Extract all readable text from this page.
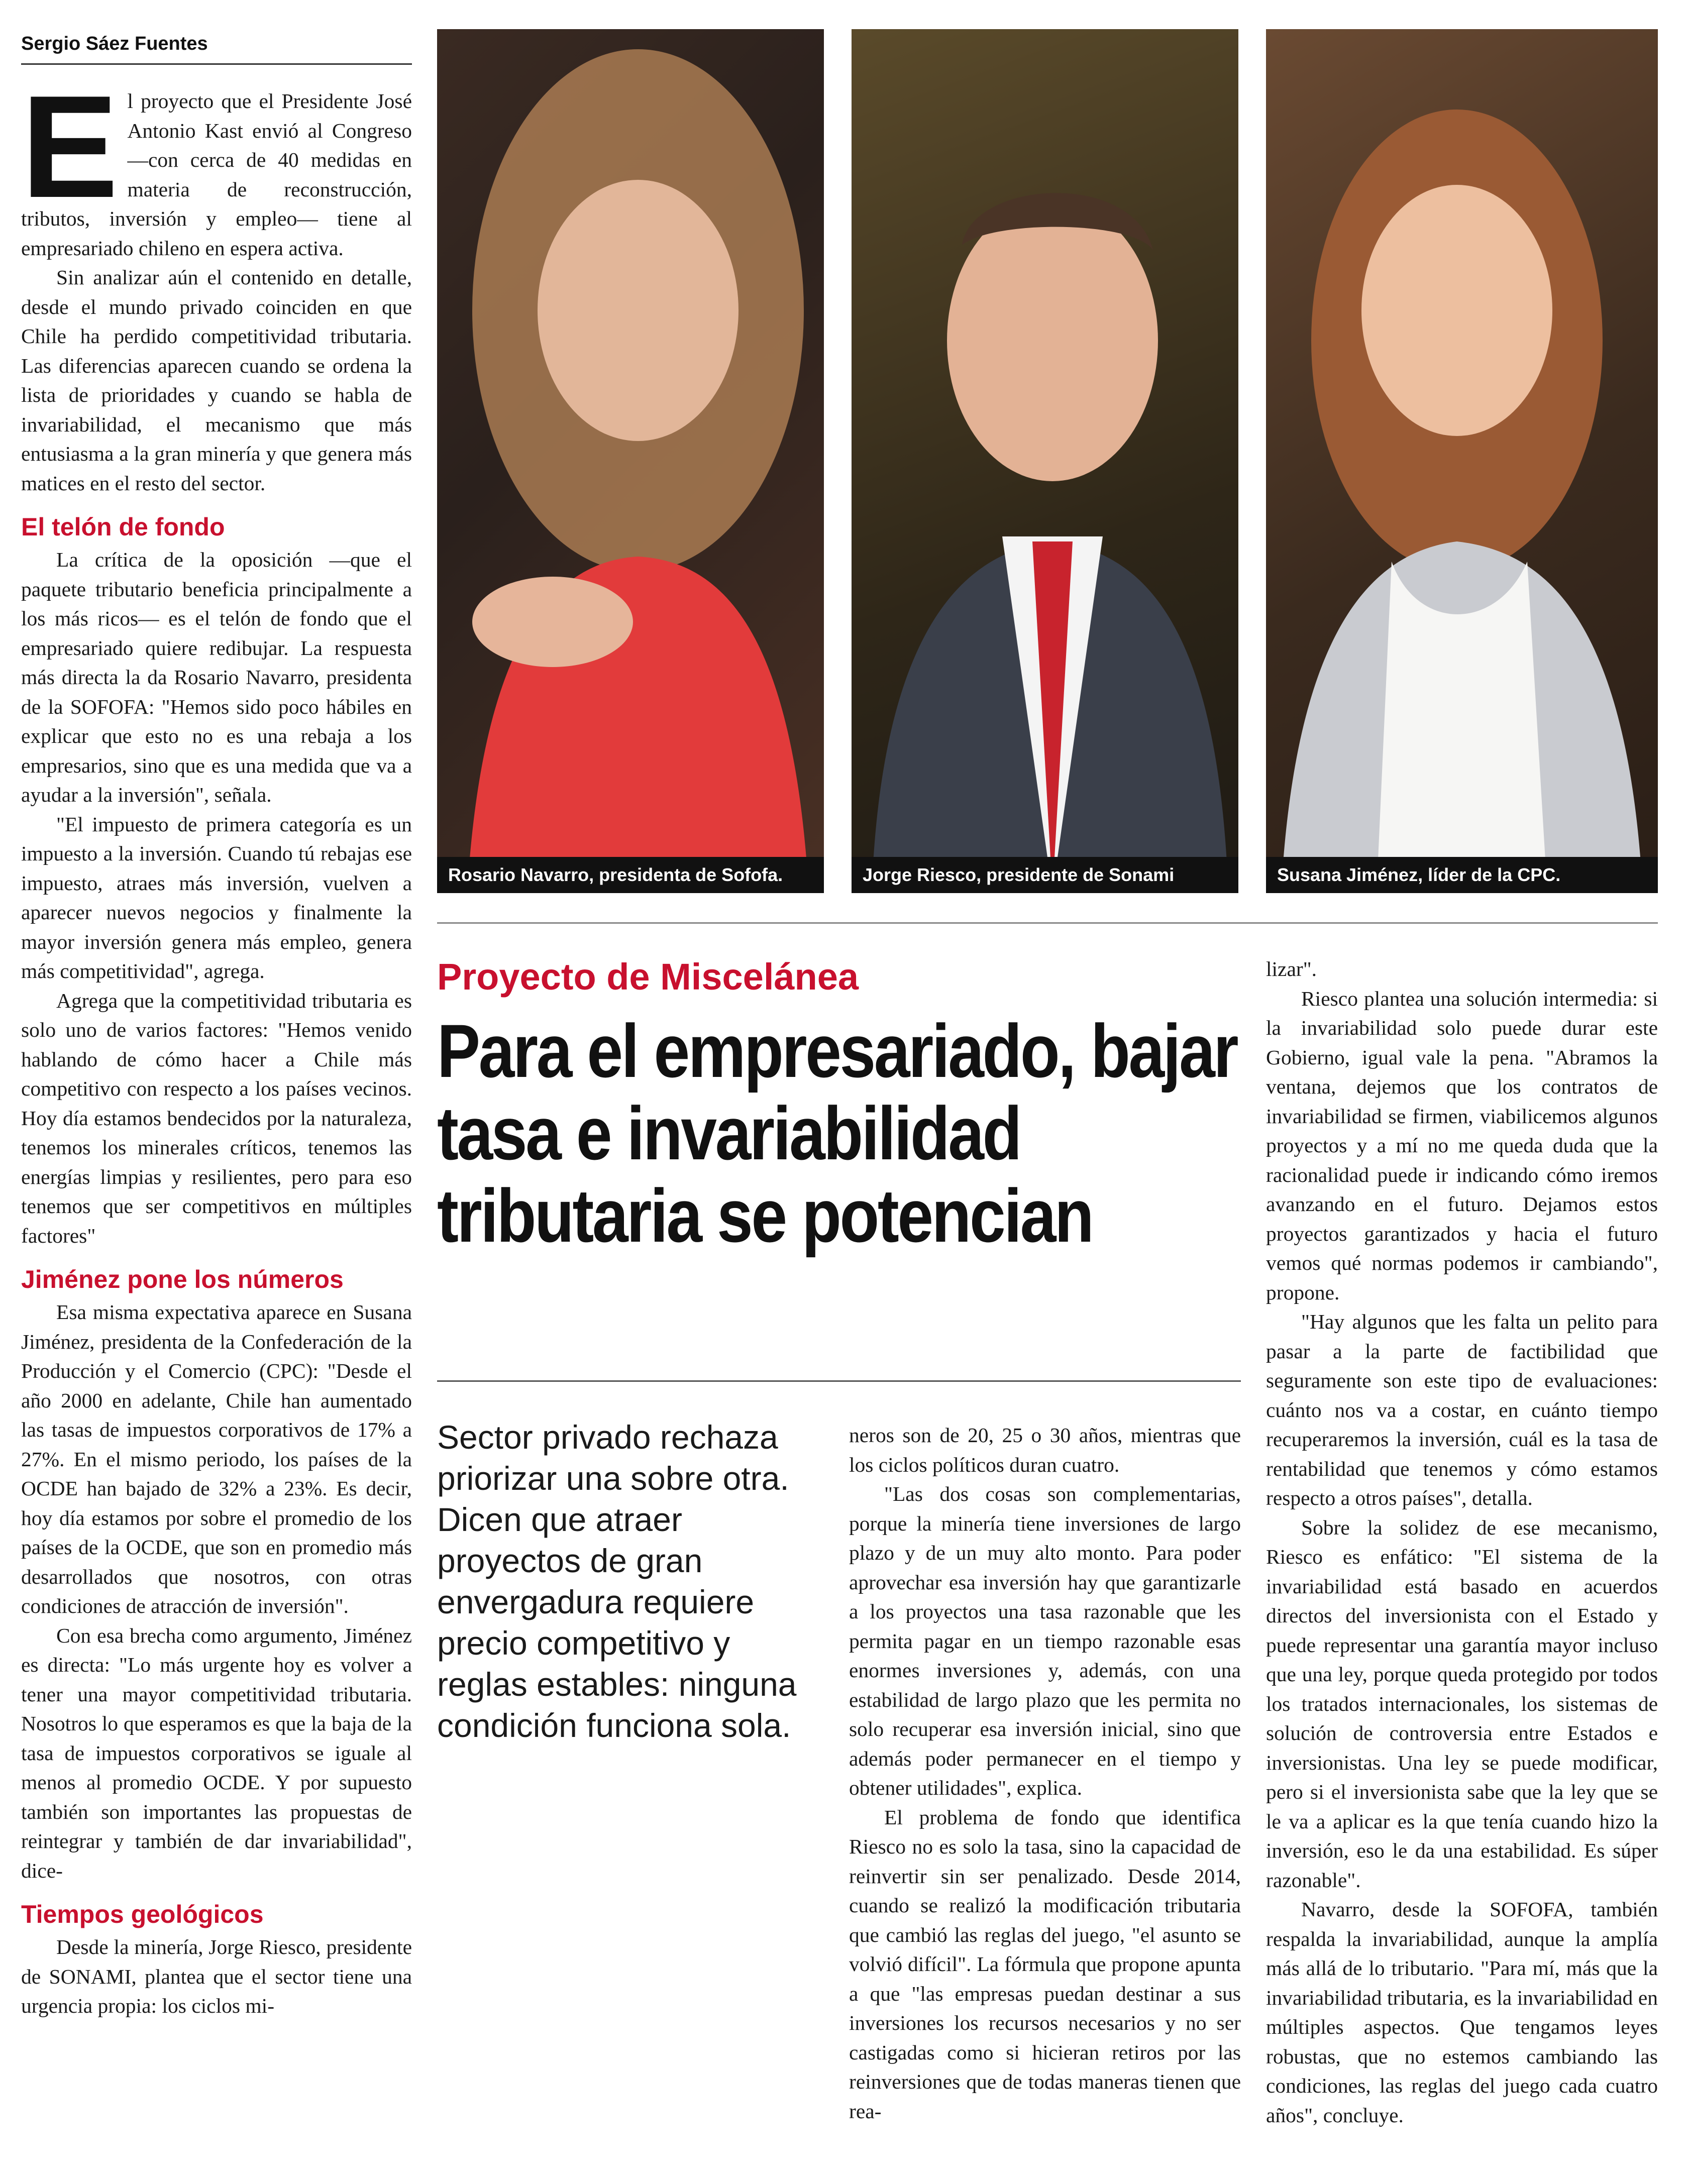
Sergio Sáez Fuentes
E l proyecto que el Presidente José Antonio Kast envió al Congreso —con cerca de 40 medidas en materia de reconstrucción, tributos, inversión y empleo— tiene al empresariado chileno en espera activa.

Sin analizar aún el contenido en detalle, desde el mundo privado coinciden en que Chile ha perdido competitividad tributaria. Las diferencias aparecen cuando se ordena la lista de prioridades y cuando se habla de invariabilidad, el mecanismo que más entusiasma a la gran minería y que genera más matices en el resto del sector.

El telón de fondo

La crítica de la oposición —que el paquete tributario beneficia principalmente a los más ricos— es el telón de fondo que el empresariado quiere redibujar. La respuesta más directa la da Rosario Navarro, presidenta de la SOFOFA: "Hemos sido poco hábiles en explicar que esto no es una rebaja a los empresarios, sino que es una medida que va a ayudar a la inversión", señala.

"El impuesto de primera categoría es un impuesto a la inversión. Cuando tú rebajas ese impuesto, atraes más inversión, vuelven a aparecer nuevos negocios y finalmente la mayor inversión genera más empleo, genera más competitividad", agrega.

Agrega que la competitividad tributaria es solo uno de varios factores: "Hemos venido hablando de cómo hacer a Chile más competitivo con respecto a los países vecinos. Hoy día estamos bendecidos por la naturaleza, tenemos los minerales críticos, tenemos las energías limpias y resilientes, pero para eso tenemos que ser competitivos en múltiples factores"

Jiménez pone los números

Esa misma expectativa aparece en Susana Jiménez, presidenta de la Confederación de la Producción y el Comercio (CPC): "Desde el año 2000 en adelante, Chile han aumentado las tasas de impuestos corporativos de 17% a 27%. En el mismo periodo, los países de la OCDE han bajado de 32% a 23%. Es decir, hoy día estamos por sobre el promedio de los países de la OCDE, que son en promedio más desarrollados que nosotros, con otras condiciones de atracción de inversión".

Con esa brecha como argumento, Jiménez es directa: "Lo más urgente hoy es volver a tener una mayor competitividad tributaria. Nosotros lo que esperamos es que la baja de la tasa de impuestos corporativos se iguale al menos al promedio OCDE. Y por supuesto también son importantes las propuestas de reintegrar y también de dar invariabilidad", dice-

Tiempos geológicos

Desde la minería, Jorge Riesco, presidente de SONAMI, plantea que el sector tiene una urgencia propia: los ciclos mi-

Rosario Navarro, presidenta de Sofofa.	Jorge Riesco, presidente de Sonami	Susana Jiménez, líder de la CPC.
Proyecto de Miscelánea
Para el empresariado, bajar tasa e invariabilidad tributaria se potencian
Sector privado rechaza priorizar una sobre otra. Dicen que atraer proyectos de gran envergadura requiere precio competitivo y reglas estables: ninguna condición funciona sola.

neros son de 20, 25 o 30 años, mientras que los ciclos políticos duran cuatro.

"Las dos cosas son complementarias, porque la minería tiene inversiones de largo plazo y de un muy alto monto. Para poder aprovechar esa inversión hay que garantizarle a los proyectos una tasa razonable que les permita pagar en un tiempo razonable esas enormes inversiones y, además, con una estabilidad de largo plazo que les permita no solo recuperar esa inversión inicial, sino que además poder permanecer en el tiempo y obtener utilidades", explica.

El problema de fondo que identifica Riesco no es solo la tasa, sino la capacidad de reinvertir sin ser penalizado. Desde 2014, cuando se realizó la modificación tributaria que cambió las reglas del juego, "el asunto se volvió difícil". La fórmula que propone apunta a que "las empresas puedan destinar a sus inversiones los recursos necesarios y no ser castigadas como si hicieran retiros por las reinversiones que de todas maneras tienen que rea-

lizar".

Riesco plantea una solución intermedia: si la invariabilidad solo puede durar este Gobierno, igual vale la pena. "Abramos la ventana, dejemos que los contratos de invariabilidad se firmen, viabilicemos algunos proyectos y a mí no me queda duda que la racionalidad puede ir indicando cómo iremos avanzando en el futuro. Dejamos estos proyectos garantizados y hacia el futuro vemos qué normas podemos ir cambiando", propone.

"Hay algunos que les falta un pelito para pasar a la parte de factibilidad que seguramente son este tipo de evaluaciones: cuánto nos va a costar, en cuánto tiempo recuperaremos la inversión, cuál es la tasa de rentabilidad que tenemos y cómo estamos respecto a otros países", detalla.

Sobre la solidez de ese mecanismo, Riesco es enfático: "El sistema de la invariabilidad está basado en acuerdos directos del inversionista con el Estado y puede representar una garantía mayor incluso que una ley, porque queda protegido por todos los tratados internacionales, los sistemas de solución de controversia entre Estados e inversionistas. Una ley se puede modificar, pero si el inversionista sabe que la ley que se le va a aplicar es la que tenía cuando hizo la inversión, eso le da una estabilidad. Es súper razonable".

Navarro, desde la SOFOFA, también respalda la invariabilidad, aunque la amplía más allá de lo tributario. "Para mí, más que la invariabilidad tributaria, es la invariabilidad en múltiples aspectos. Que tengamos leyes robustas, que no estemos cambiando las condiciones, las reglas del juego cada cuatro años", concluye.
